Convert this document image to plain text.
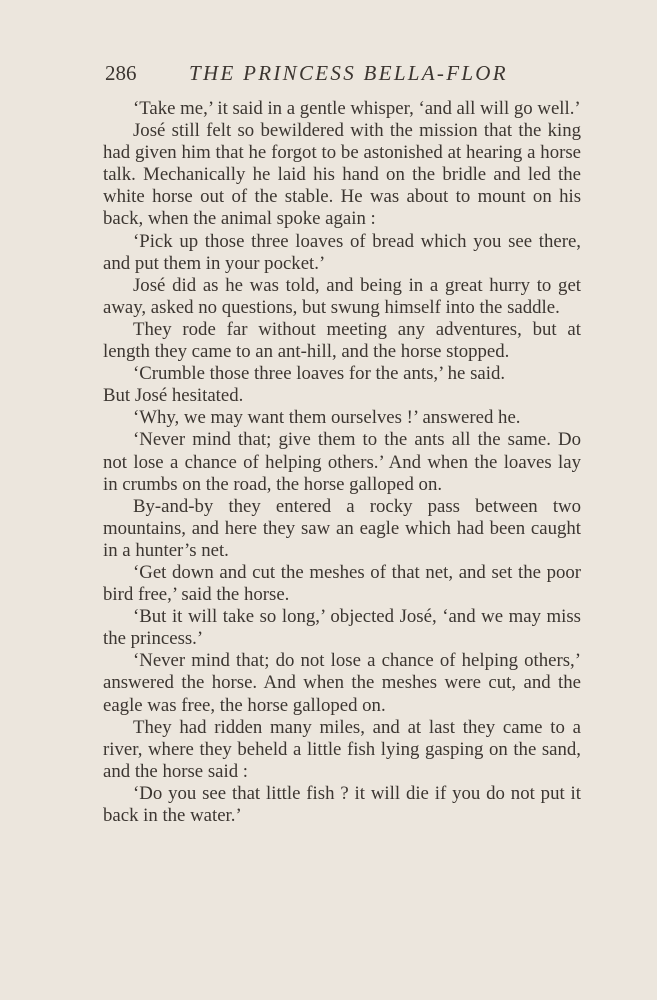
286	THE PRINCESS BELLA-FLOR

‘Take me,’ it said in a gentle whisper, ‘and all will go well.’

José still felt so bewildered with the mission that the king had given him that he forgot to be astonished at hearing a horse talk. Mechanically he laid his hand on the bridle and led the white horse out of the stable. He was about to mount on his back, when the animal spoke again :

‘Pick up those three loaves of bread which you see there, and put them in your pocket.’

José did as he was told, and being in a great hurry to get away, asked no questions, but swung himself into the saddle.

They rode far without meeting any adventures, but at length they came to an ant-hill, and the horse stopped.

‘Crumble those three loaves for the ants,’ he said.

But José hesitated.

‘Why, we may want them ourselves !’ answered he.

‘Never mind that; give them to the ants all the same. Do not lose a chance of helping others.’ And when the loaves lay in crumbs on the road, the horse galloped on.

By-and-by they entered a rocky pass between two mountains, and here they saw an eagle which had been caught in a hunter’s net.

‘Get down and cut the meshes of that net, and set the poor bird free,’ said the horse.

‘But it will take so long,’ objected José, ‘and we may miss the princess.’

‘Never mind that; do not lose a chance of helping others,’ answered the horse. And when the meshes were cut, and the eagle was free, the horse galloped on.

They had ridden many miles, and at last they came to a river, where they beheld a little fish lying gasping on the sand, and the horse said :

‘Do you see that little fish ? it will die if you do not put it back in the water.’
